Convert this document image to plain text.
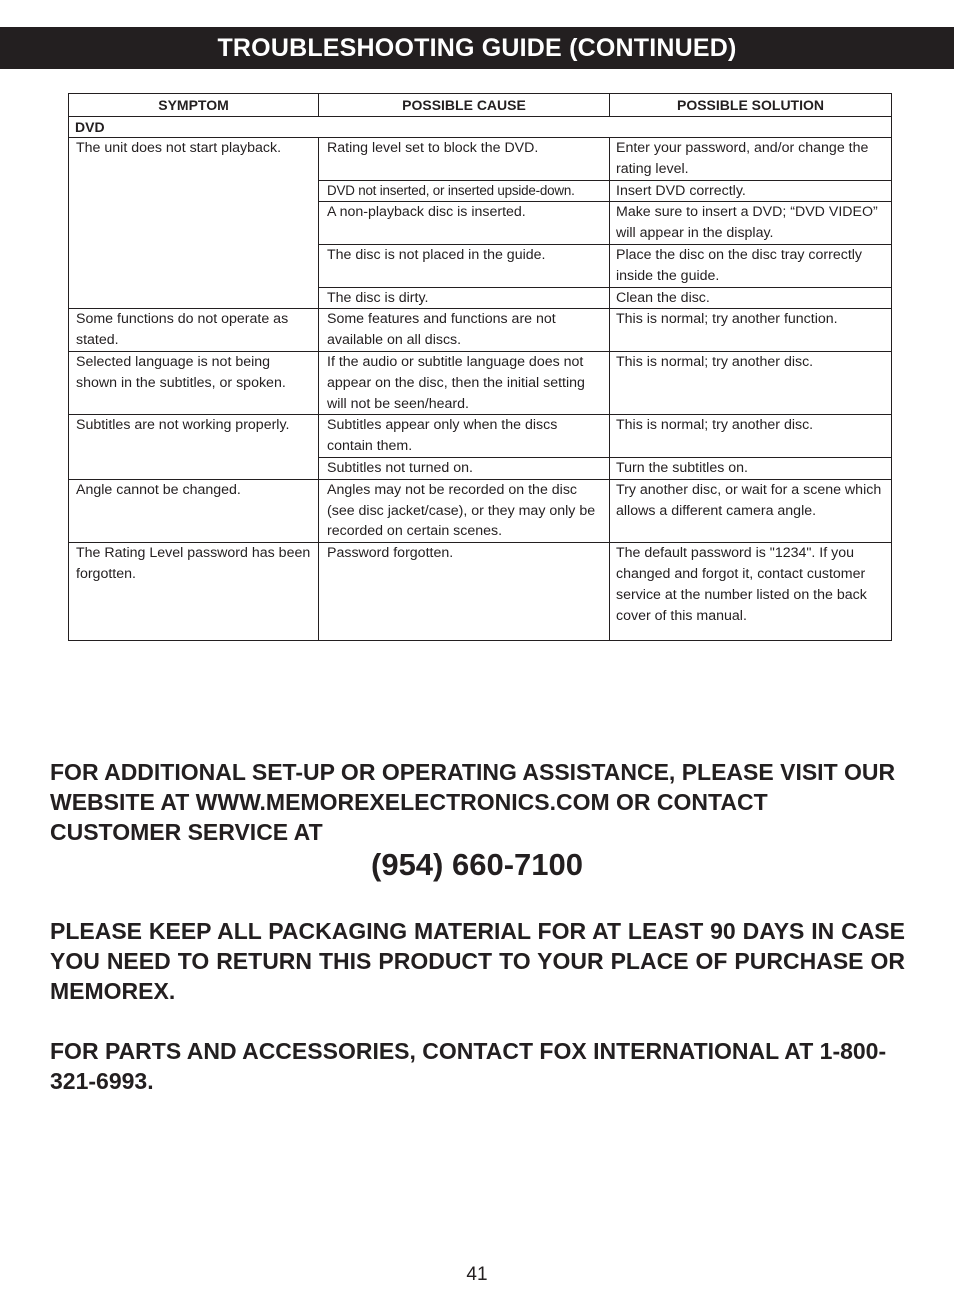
TROUBLESHOOTING GUIDE (CONTINUED)
SYMPTOM	POSSIBLE CAUSE	POSSIBLE SOLUTION
DVD		
The unit does not start playback.	Rating level set to block the DVD.	Enter your password, and/or change the rating level.
	DVD not inserted, or inserted upside-down.	Insert DVD correctly.
	A non-playback disc is inserted.	Make sure to insert a DVD; “DVD VIDEO” will appear in the display.
	The disc is not placed in the guide.	Place the disc on the disc tray correctly inside the guide.
	The disc is dirty.	Clean the disc.
Some functions do not operate as stated.	Some features and functions are not available on all discs.	This is normal; try another function.
Selected language is not being shown in the subtitles, or spoken.	If the audio or subtitle language does not appear on the disc, then the initial setting will not be seen/heard.	This is normal; try another disc.
Subtitles are not working properly.	Subtitles appear only when the discs contain them.	This is normal; try another disc.
	Subtitles not turned on.	Turn the subtitles on.
Angle cannot be changed.	Angles may not be recorded on the disc (see disc jacket/case), or they may only be recorded on certain scenes.	Try another disc, or wait for a scene which allows a different camera angle.
The Rating Level password has been forgotten.	Password forgotten.	The default password is "1234". If you changed and forgot it, contact customer service at the number listed on the back cover of this manual.

FOR ADDITIONAL SET-UP OR OPERATING ASSISTANCE, PLEASE VISIT OUR WEBSITE AT WWW.MEMOREXELECTRONICS.COM OR CONTACT CUSTOMER SERVICE AT

(954) 660-7100

PLEASE KEEP ALL PACKAGING MATERIAL FOR AT LEAST 90 DAYS IN CASE YOU NEED TO RETURN THIS PRODUCT TO YOUR PLACE OF PURCHASE OR MEMOREX.

FOR PARTS AND ACCESSORIES, CONTACT FOX INTERNATIONAL AT 1-800-321-6993.

41
